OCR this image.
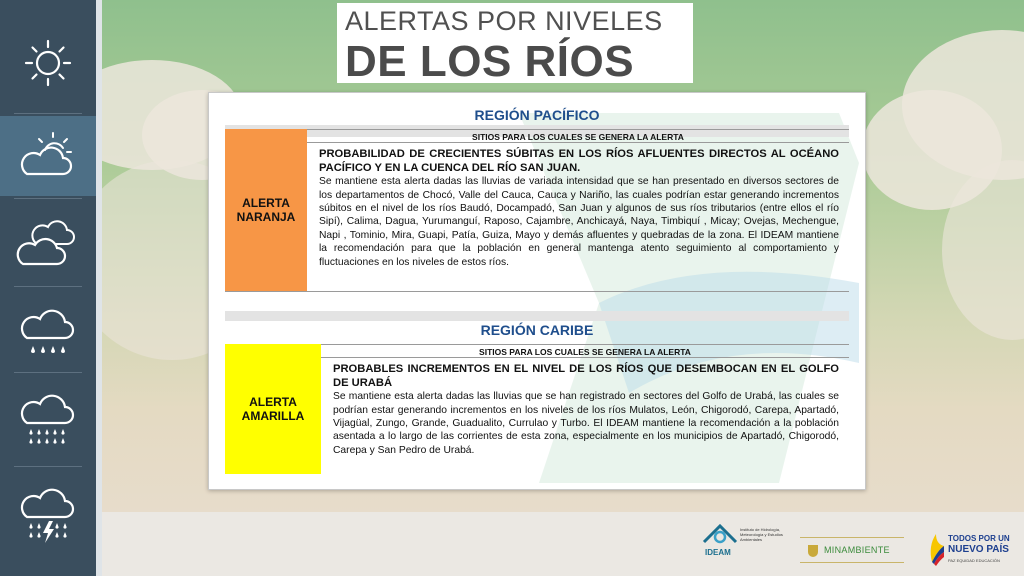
ALERTAS POR NIVELES
DE LOS RÍOS
REGIÓN PACÍFICO
SITIOS PARA LOS CUALES SE GENERA LA ALERTA
ALERTA
NARANJA
PROBABILIDAD DE CRECIENTES SÚBITAS EN LOS RÍOS AFLUENTES DIRECTOS AL OCÉANO PACÍFICO Y EN LA CUENCA DEL RÍO SAN JUAN.
Se mantiene esta alerta dadas las lluvias de variada intensidad que se han presentado en diversos sectores de los departamentos de Chocó, Valle del Cauca, Cauca y Nariño, las cuales podrían estar generando incrementos súbitos en el nivel de los ríos Baudó, Docampadó, San Juan y algunos de sus ríos tributarios (entre ellos el río Sipí), Calima, Dagua, Yurumanguí, Raposo, Cajambre, Anchicayá, Naya, Timbiquí , Micay; Ovejas, Mechengue, Napi , Tominio, Mira, Guapi, Patía, Guiza, Mayo y demás afluentes y quebradas de la zona. El IDEAM mantiene la recomendación para que la población en general mantenga atento seguimiento al comportamiento y fluctuaciones en los niveles de estos ríos.
REGIÓN CARIBE
SITIOS PARA LOS CUALES SE GENERA LA ALERTA
ALERTA
AMARILLA
PROBABLES INCREMENTOS EN EL NIVEL DE LOS RÍOS QUE DESEMBOCAN EN EL GOLFO DE URABÁ
Se mantiene esta alerta dadas las lluvias que se han registrado en sectores del Golfo de Urabá, las cuales se podrían estar generando incrementos en los niveles de los ríos Mulatos, León, Chigorodó, Carepa, Apartadó, Vijagüal, Zungo, Grande, Guadualito, Currulao y Turbo. El IDEAM mantiene la recomendación a la población asentada a lo largo de las corrientes de esta zona, especialmente en los municipios de Apartadó, Chigorodó, Carepa y San Pedro de Urabá.
IDEAM
Instituto de Hidrología, Meteorología y Estudios Ambientales
MINAMBIENTE
TODOS POR UN
NUEVO PAÍS
PAZ EQUIDAD EDUCACIÓN
